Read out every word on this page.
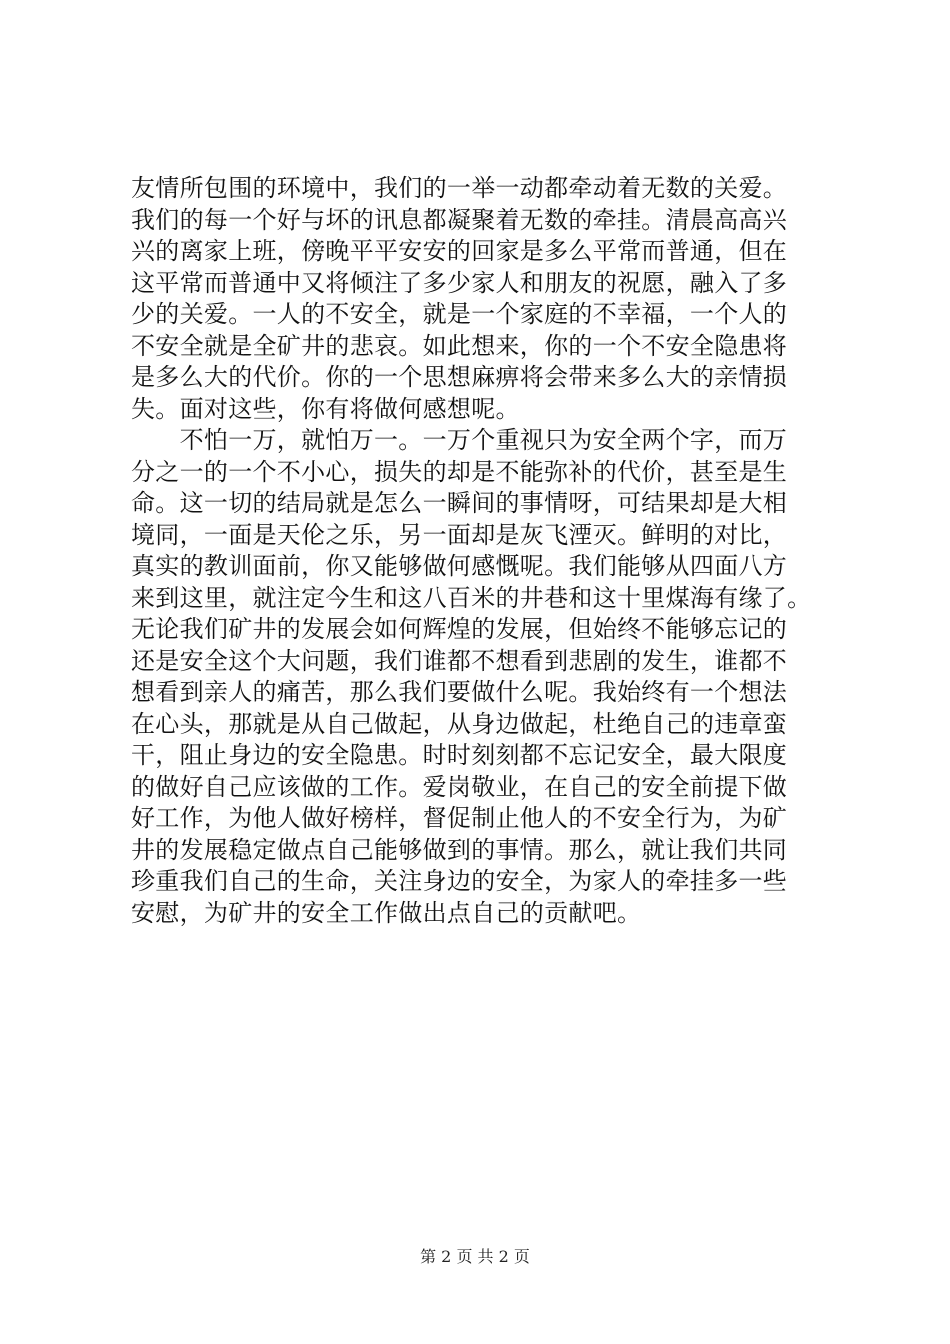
友情所包围的环境中，我们的一举一动都牵动着无数的关爱。
我们的每一个好与坏的讯息都凝聚着无数的牵挂。清晨高高兴
兴的离家上班，傍晚平平安安的回家是多么平常而普通，但在
这平常而普通中又将倾注了多少家人和朋友的祝愿，融入了多
少的关爱。一人的不安全，就是一个家庭的不幸福，一个人的
不安全就是全矿井的悲哀。如此想来，你的一个不安全隐患将
是多么大的代价。你的一个思想麻痹将会带来多么大的亲情损
失。面对这些，你有将做何感想呢。
　　不怕一万，就怕万一。一万个重视只为安全两个字，而万
分之一的一个不小心，损失的却是不能弥补的代价，甚至是生
命。这一切的结局就是怎么一瞬间的事情呀，可结果却是大相
境同，一面是天伦之乐，另一面却是灰飞湮灭。鲜明的对比，
真实的教训面前，你又能够做何感慨呢。我们能够从四面八方
来到这里，就注定今生和这八百米的井巷和这十里煤海有缘了。
无论我们矿井的发展会如何辉煌的发展，但始终不能够忘记的
还是安全这个大问题，我们谁都不想看到悲剧的发生，谁都不
想看到亲人的痛苦，那么我们要做什么呢。我始终有一个想法
在心头，那就是从自己做起，从身边做起，杜绝自己的违章蛮
干，阻止身边的安全隐患。时时刻刻都不忘记安全，最大限度
的做好自己应该做的工作。爱岗敬业，在自己的安全前提下做
好工作，为他人做好榜样，督促制止他人的不安全行为，为矿
井的发展稳定做点自己能够做到的事情。那么，就让我们共同
珍重我们自己的生命，关注身边的安全，为家人的牵挂多一些
安慰，为矿井的安全工作做出点自己的贡献吧。
第 2 页 共 2 页
